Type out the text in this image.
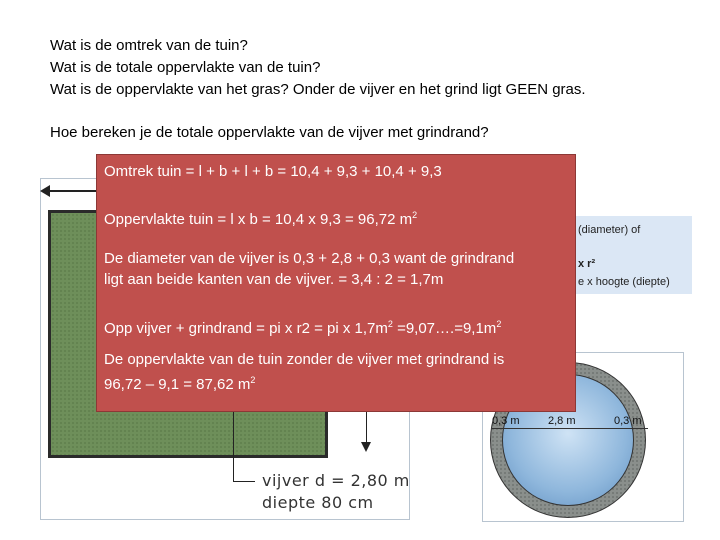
Wat is de omtrek van de tuin?
Wat is de totale oppervlakte van de tuin?
Wat is de oppervlakte van het gras? Onder de vijver en het grind ligt GEEN gras.
Hoe bereken je de totale oppervlakte van de vijver met grindrand?
vijver d = 2,80 m
diepte 80 cm
(diameter) of
x r²
e x hoogte (diepte)
0,3 m	2,8 m	0,3 m
Omtrek tuin = l + b + l + b = 10,4 + 9,3 + 10,4 + 9,3
Oppervlakte tuin = l x b = 10,4 x 9,3 = 96,72 $m^2$
De diameter van de vijver is 0,3 + 2,8 + 0,3 want de grindrand
ligt aan beide kanten van de vijver. = 3,4 : 2 = 1,7m
Opp vijver + grindrand = pi x r2 = pi x $1,7m^2$ $=9,07\dots.=9,1m^2$
De oppervlakte van de tuin zonder de vijver met grindrand is
96,72 – 9,1 = 87,62 $m^2$
